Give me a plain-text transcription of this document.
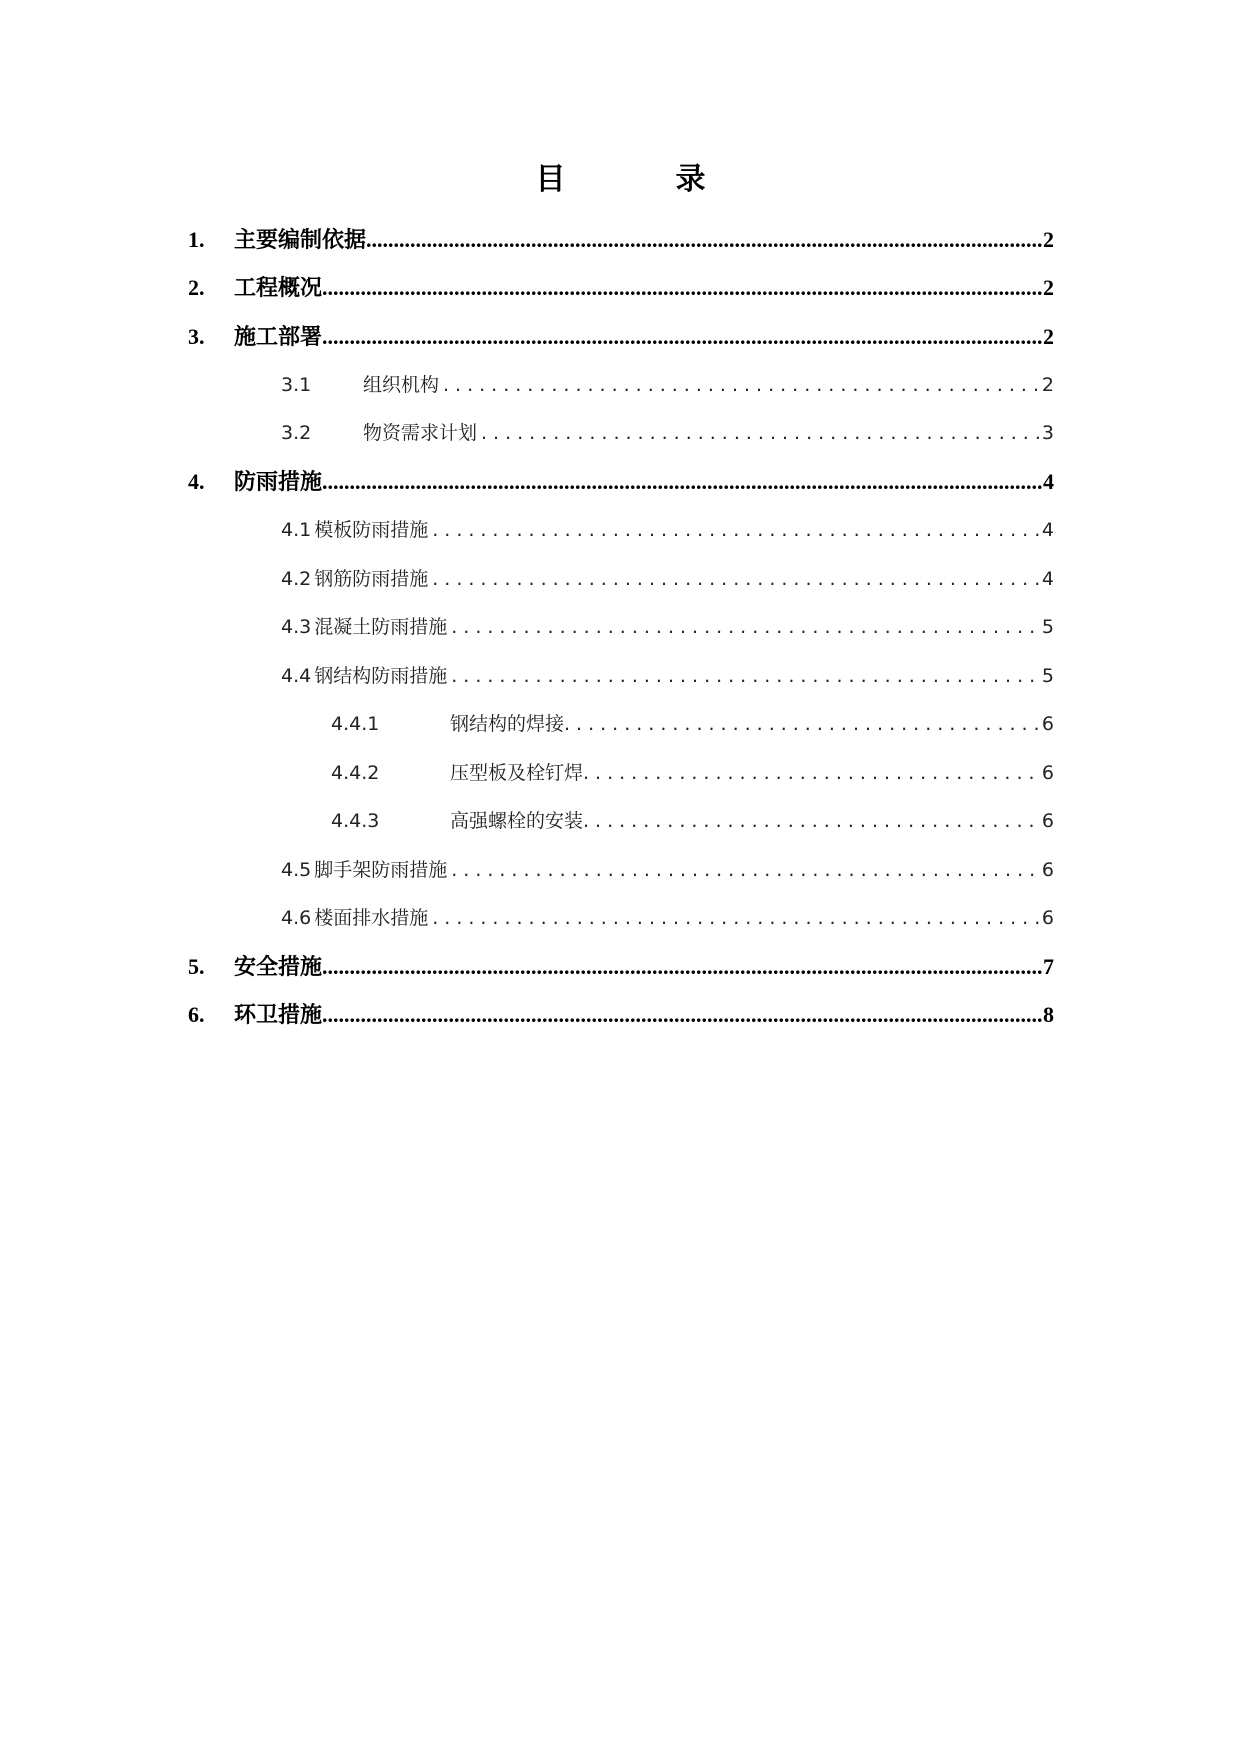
目　录
1.	主要编制依据 .....	2
2.	工程概况 .....	2
3.	施工部署 .....	2
3.1	组织机构 .....	2
3.2	物资需求计划 .....	3
4.	防雨措施 .....	4
4.1 模板防雨措施 .....	4
4.2 钢筋防雨措施 .....	4
4.3 混凝土防雨措施 .....	5
4.4 钢结构防雨措施 .....	5
4.4.1	钢结构的焊接 .....	6
4.4.2	压型板及栓钉焊 .....	6
4.4.3	高强螺栓的安装 .....	6
4.5 脚手架防雨措施 .....	6
4.6 楼面排水措施 .....	6
5.	安全措施 .....	7
6.	环卫措施 .....	8
